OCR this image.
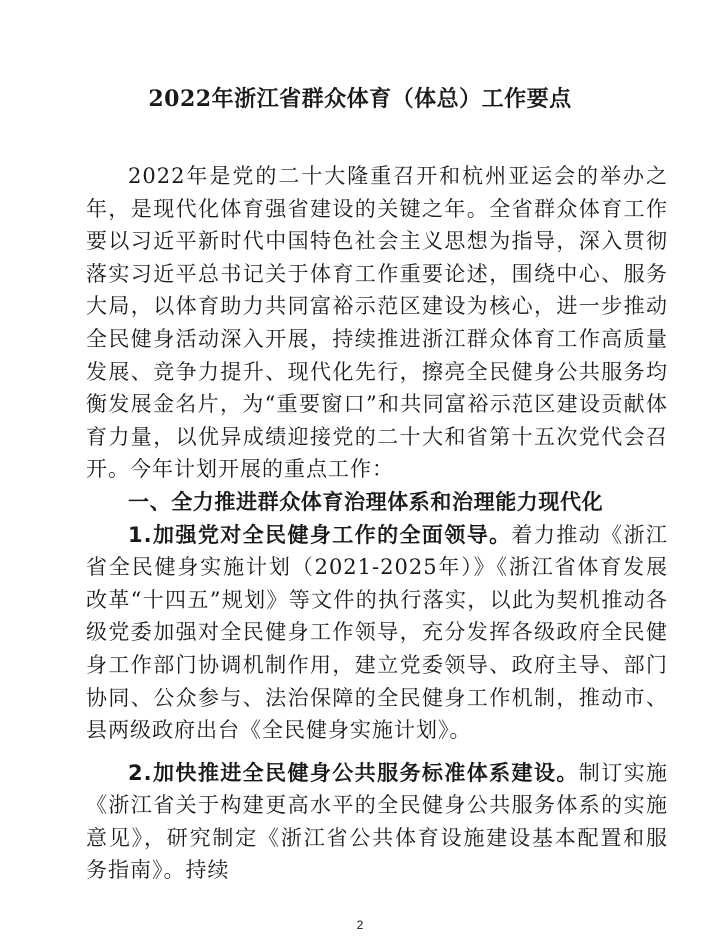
2022年浙江省群众体育（体总）工作要点

2022年是党的二十大隆重召开和杭州亚运会的举办之年，是现代化体育强省建设的关键之年。全省群众体育工作要以习近平新时代中国特色社会主义思想为指导，深入贯彻落实习近平总书记关于体育工作重要论述，围绕中心、服务大局，以体育助力共同富裕示范区建设为核心，进一步推动全民健身活动深入开展，持续推进浙江群众体育工作高质量发展、竞争力提升、现代化先行，擦亮全民健身公共服务均衡发展金名片，为“重要窗口”和共同富裕示范区建设贡献体育力量，以优异成绩迎接党的二十大和省第十五次党代会召开。今年计划开展的重点工作：

一、全力推进群众体育治理体系和治理能力现代化

1.加强党对全民健身工作的全面领导。着力推动《浙江省全民健身实施计划（2021-2025年）》《浙江省体育发展改革“十四五”规划》等文件的执行落实，以此为契机推动各级党委加强对全民健身工作领导，充分发挥各级政府全民健身工作部门协调机制作用，建立党委领导、政府主导、部门协同、公众参与、法治保障的全民健身工作机制，推动市、县两级政府出台《全民健身实施计划》。

2.加快推进全民健身公共服务标准体系建设。制订实施《浙江省关于构建更高水平的全民健身公共服务体系的实施意见》，研究制定《浙江省公共体育设施建设基本配置和服务指南》。持续

2
